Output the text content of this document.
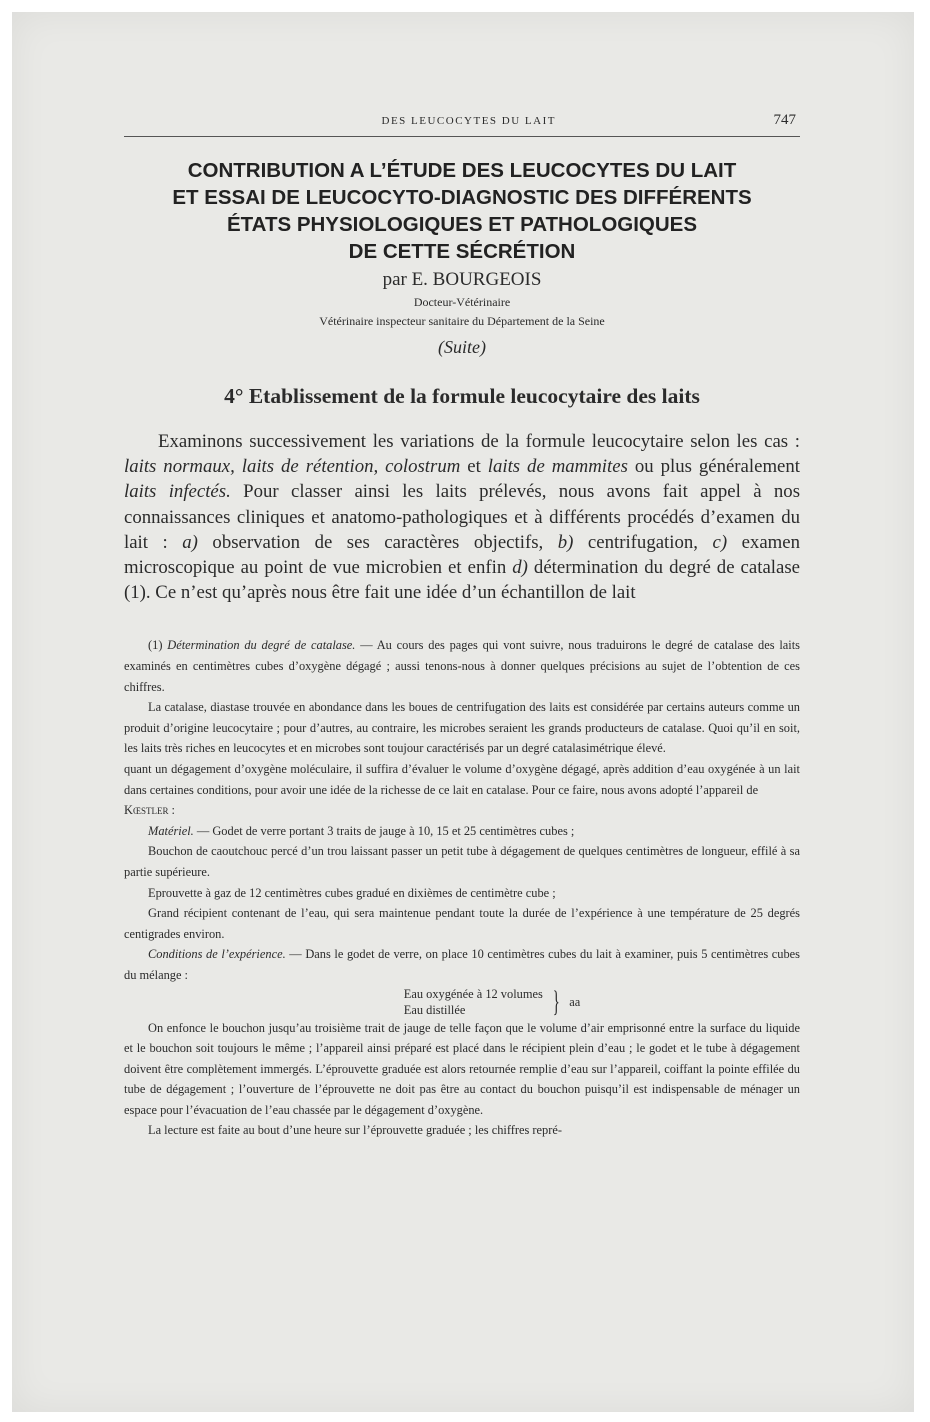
DES LEUCOCYTES DU LAIT	747
CONTRIBUTION A L’ÉTUDE DES LEUCOCYTES DU LAIT
ET ESSAI DE LEUCOCYTO-DIAGNOSTIC DES DIFFÉRENTS
ÉTATS PHYSIOLOGIQUES ET PATHOLOGIQUES
DE CETTE SÉCRÉTION
par E. BOURGEOIS
Docteur-Vétérinaire
Vétérinaire inspecteur sanitaire du Département de la Seine
(Suite)
4° Etablissement de la formule leucocytaire des laits

Examinons successivement les variations de la formule leucocytaire selon les cas : laits normaux, laits de rétention, colostrum et laits de mammites ou plus généralement laits infectés. Pour classer ainsi les laits prélevés, nous avons fait appel à nos connaissances cliniques et anatomo-pathologiques et à différents procédés d’examen du lait : a) observation de ses caractères objectifs, b) centrifugation, c) examen microscopique au point de vue microbien et enfin d) détermination du degré de catalase (1). Ce n’est qu’après nous être fait une idée d’un échantillon de lait

(1) Détermination du degré de catalase. — Au cours des pages qui vont suivre, nous traduirons le degré de catalase des laits examinés en centimètres cubes d’oxygène dégagé ; aussi tenons-nous à donner quelques précisions au sujet de l’obtention de ces chiffres.

La catalase, diastase trouvée en abondance dans les boues de centrifugation des laits est considérée par certains auteurs comme un produit d’origine leucocytaire ; pour d’autres, au contraire, les microbes seraient les grands producteurs de catalase. Quoi qu’il en soit, les laits très riches en leucocytes et en microbes sont toujour caractérisés par un degré catalasimétrique élevé.

quant un dégagement d’oxygène moléculaire, il suffira d’évaluer le volume d’oxygène dégagé, après addition d’eau oxygénée à un lait dans certaines conditions, pour avoir une idée de la richesse de ce lait en catalase. Pour ce faire, nous avons adopté l’appareil de

Kœstler :

Matériel. — Godet de verre portant 3 traits de jauge à 10, 15 et 25 centimètres cubes ;

Bouchon de caoutchouc percé d’un trou laissant passer un petit tube à dégagement de quelques centimètres de longueur, effilé à sa partie supérieure.

Eprouvette à gaz de 12 centimètres cubes gradué en dixièmes de centimètre cube ;

Grand récipient contenant de l’eau, qui sera maintenue pendant toute la durée de l’expérience à une température de 25 degrés centigrades environ.

Conditions de l’expérience. — Dans le godet de verre, on place 10 centimètres cubes du lait à examiner, puis 5 centimètres cubes du mélange :

Eau oxygénée à 12 volumes
Eau distillée	} aa

On enfonce le bouchon jusqu’au troisième trait de jauge de telle façon que le volume d’air emprisonné entre la surface du liquide et le bouchon soit toujours le même ; l’appareil ainsi préparé est placé dans le récipient plein d’eau ; le godet et le tube à dégagement doivent être complètement immergés. L’éprouvette graduée est alors retournée remplie d’eau sur l’appareil, coiffant la pointe effilée du tube de dégagement ; l’ouverture de l’éprouvette ne doit pas être au contact du bouchon puisqu’il est indispensable de ménager un espace pour l’évacuation de l’eau chassée par le dégagement d’oxygène.

La lecture est faite au bout d’une heure sur l’éprouvette graduée ; les chiffres repré-
